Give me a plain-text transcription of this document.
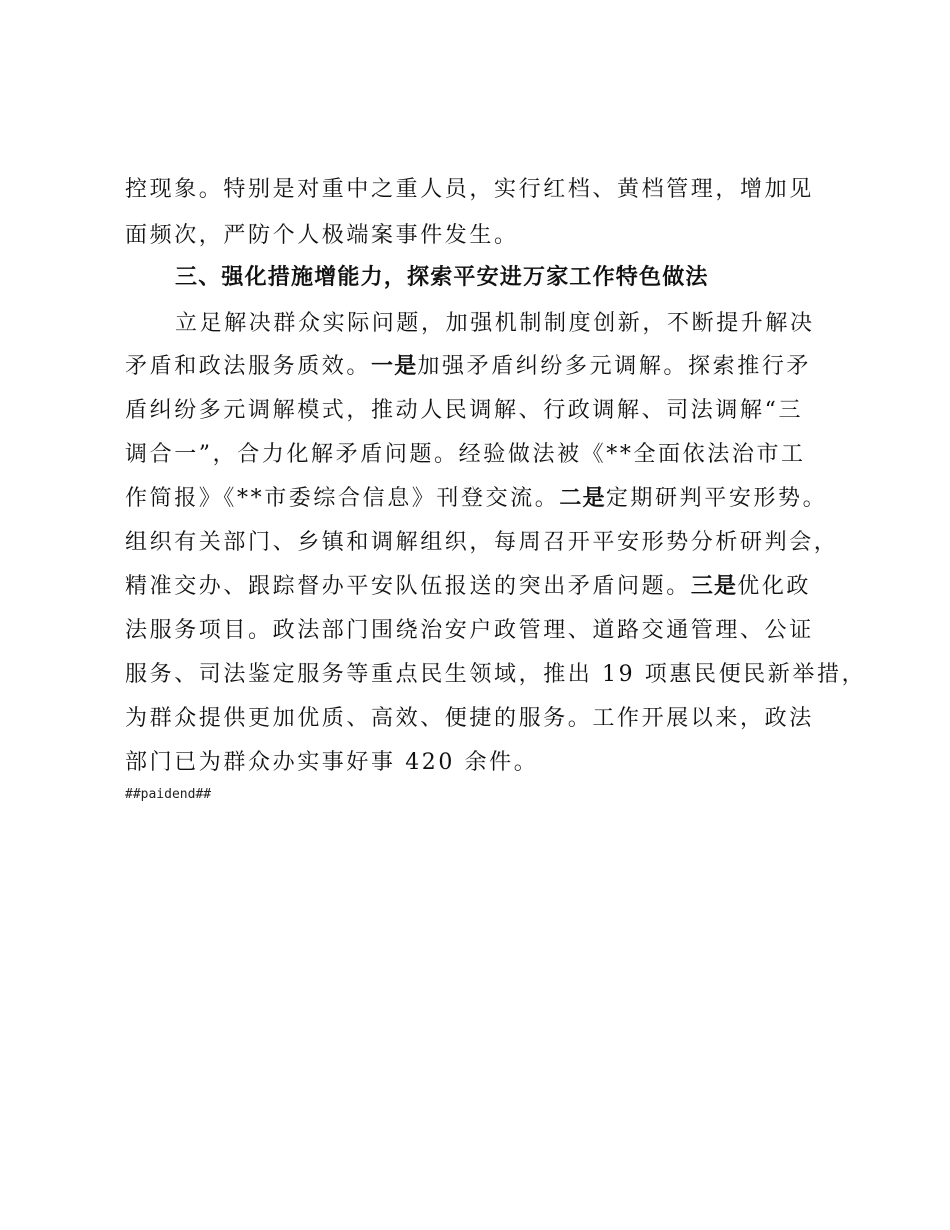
控现象。特别是对重中之重人员，实行红档、黄档管理，增加见
面频次，严防个人极端案事件发生。
三、强化措施增能力，探索平安进万家工作特色做法
立足解决群众实际问题，加强机制制度创新，不断提升解决
矛盾和政法服务质效。一是加强矛盾纠纷多元调解。探索推行矛
盾纠纷多元调解模式，推动人民调解、行政调解、司法调解“三
调合一”，合力化解矛盾问题。经验做法被《**全面依法治市工
作简报》《**市委综合信息》刊登交流。二是定期研判平安形势。
组织有关部门、乡镇和调解组织，每周召开平安形势分析研判会，
精准交办、跟踪督办平安队伍报送的突出矛盾问题。三是优化政
法服务项目。政法部门围绕治安户政管理、道路交通管理、公证
服务、司法鉴定服务等重点民生领域，推出 19 项惠民便民新举措，
为群众提供更加优质、高效、便捷的服务。工作开展以来，政法
部门已为群众办实事好事 420 余件。
##paidend##
